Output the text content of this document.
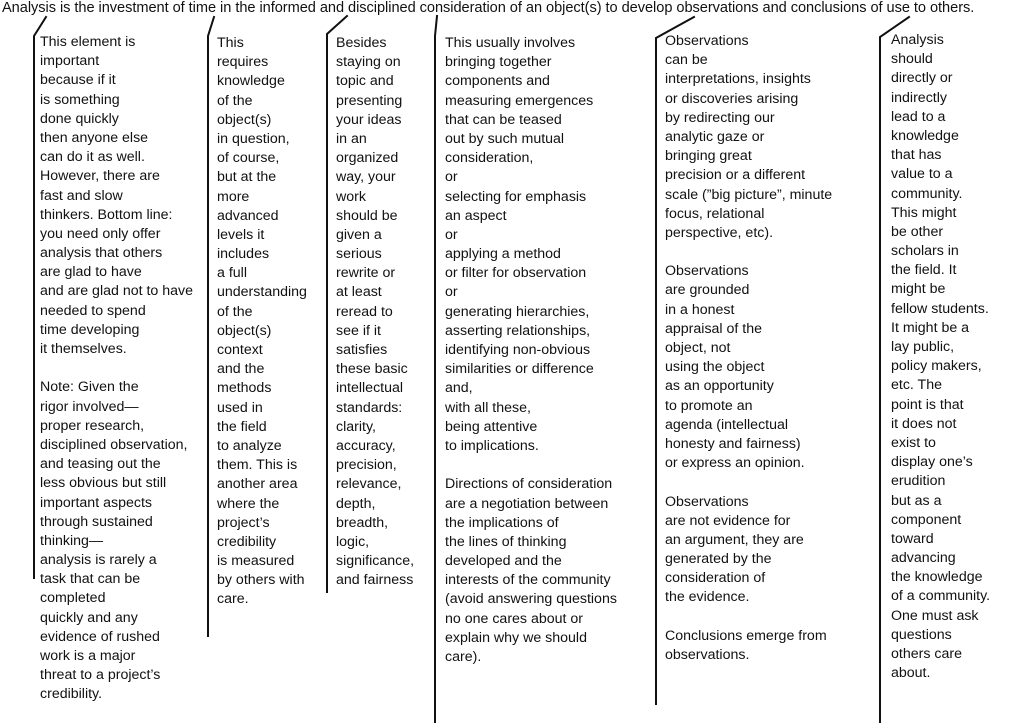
Analysis is the investment of time in the informed and disciplined consideration of an object(s) to develop observations and conclusions of use to others.
This element is
important
because if it
is something
done quickly
then anyone else
can do it as well.
However, there are
fast and slow
thinkers. Bottom line:
you need only offer
analysis that others
are glad to have
and are glad not to have
needed to spend
time developing
it themselves.
Note: Given the
rigor involved—
proper research,
disciplined observation,
and teasing out the
less obvious but still
important aspects
through sustained
thinking—
analysis is rarely a
task that can be
completed
quickly and any
evidence of rushed
work is a major
threat to a project’s
credibility.
This
requires
knowledge
of the
object(s)
in question,
of course,
but at the
more
advanced
levels it
includes
a full
understanding
of the
object(s)
context
and the
methods
used in
the field
to analyze
them. This is
another area
where the
project’s
credibility
is measured
by others with
care.
Besides
staying on
topic and
presenting
your ideas
in an
organized
way, your
work
should be
given a
serious
rewrite or
at least
reread to
see if it
satisfies
these basic
intellectual
standards:
clarity,
accuracy,
precision,
relevance,
depth,
breadth,
logic,
significance,
and fairness
This usually involves
bringing together
components and
measuring emergences
that can be teased
out by such mutual
consideration,
or
selecting for emphasis
an aspect
or
applying a method
or filter for observation
or
generating hierarchies,
asserting relationships,
identifying non-obvious
similarities or difference
and,
with all these,
being attentive
to implications.
Directions of consideration
are a negotiation between
the implications of
the lines of thinking
developed and the
interests of the community
(avoid answering questions
no one cares about or
explain why we should
care).
Observations
can be
interpretations, insights
or discoveries arising
by redirecting our
analytic gaze or
bringing great
precision or a different
scale (”big picture”, minute
focus, relational
perspective, etc).
Observations
are grounded
in a honest
appraisal of the
object, not
using the object
as an opportunity
to promote an
agenda (intellectual
honesty and fairness)
or express an opinion.
Observations
are not evidence for
an argument, they are
generated by the
consideration of
the evidence.
Conclusions emerge from
observations.
Analysis
should
directly or
indirectly
lead to a
knowledge
that has
value to a
community.
This might
be other
scholars in
the field. It
might be
fellow students.
It might be a
lay public,
policy makers,
etc. The
point is that
it does not
exist to
display one’s
erudition
but as a
component
toward
advancing
the knowledge
of a community.
One must ask
questions
others care
about.
